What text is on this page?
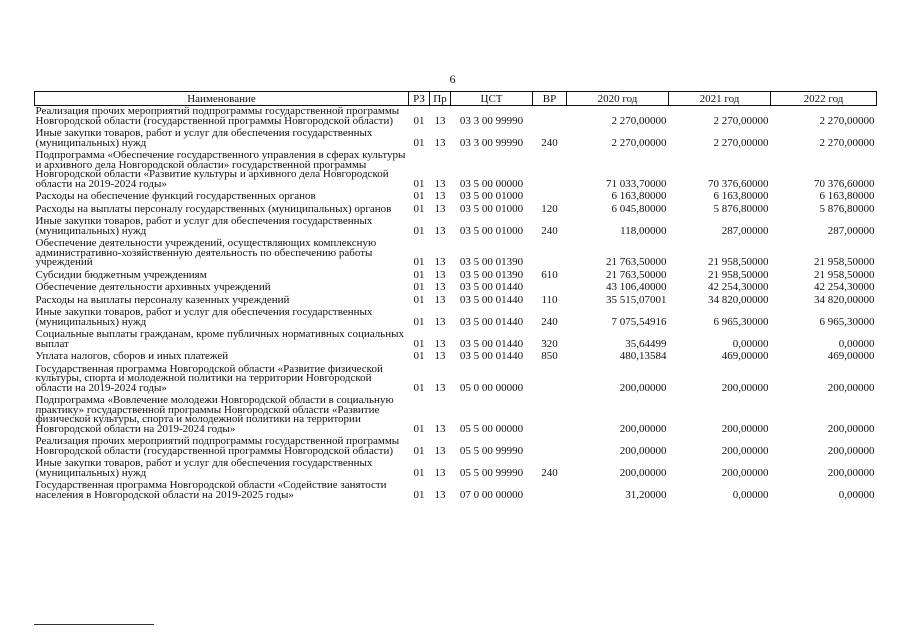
6
Наименование	РЗ	Пр	ЦСТ	ВР	2020 год	2021 год	2022 год
Реализация прочих мероприятий подпрограммы государственной программы Новгородской области (государственной программы Новгородской области)	01	13	03 3 00 99990		2 270,00000	2 270,00000	2 270,00000
Иные закупки товаров, работ и услуг для обеспечения государственных (муниципальных) нужд	01	13	03 3 00 99990	240	2 270,00000	2 270,00000	2 270,00000
Подпрограмма «Обеспечение государственного управления в сферах культуры и архивного дела Новгородской области» государственной программы Новгородской области «Развитие культуры и архивного дела Новгородской области на 2019-2024 годы»	01	13	03 5 00 00000		71 033,70000	70 376,60000	70 376,60000
Расходы на обеспечение функций государственных органов	01	13	03 5 00 01000		6 163,80000	6 163,80000	6 163,80000
Расходы на выплаты персоналу государственных (муниципальных) органов	01	13	03 5 00 01000	120	6 045,80000	5 876,80000	5 876,80000
Иные закупки товаров, работ и услуг для обеспечения государственных (муниципальных) нужд	01	13	03 5 00 01000	240	118,00000	287,00000	287,00000
Обеспечение деятельности учреждений, осуществляющих комплексную административно-хозяйственную деятельность по обеспечению работы учреждений	01	13	03 5 00 01390		21 763,50000	21 958,50000	21 958,50000
Субсидии бюджетным учреждениям	01	13	03 5 00 01390	610	21 763,50000	21 958,50000	21 958,50000
Обеспечение деятельности архивных учреждений	01	13	03 5 00 01440		43 106,40000	42 254,30000	42 254,30000
Расходы на выплаты персоналу казенных учреждений	01	13	03 5 00 01440	110	35 515,07001	34 820,00000	34 820,00000
Иные закупки товаров, работ и услуг для обеспечения государственных (муниципальных) нужд	01	13	03 5 00 01440	240	7 075,54916	6 965,30000	6 965,30000
Социальные выплаты гражданам, кроме публичных нормативных социальных выплат	01	13	03 5 00 01440	320	35,64499	0,00000	0,00000
Уплата налогов, сборов и иных платежей	01	13	03 5 00 01440	850	480,13584	469,00000	469,00000
Государственная программа Новгородской области «Развитие физической культуры, спорта и молодежной политики на территории Новгородской области на 2019-2024 годы»	01	13	05 0 00 00000		200,00000	200,00000	200,00000
Подпрограмма «Вовлечение молодежи Новгородской области в социальную практику» государственной программы Новгородской области «Развитие физической культуры, спорта и молодежной политики на территории Новгородской области на 2019-2024 годы»	01	13	05 5 00 00000		200,00000	200,00000	200,00000
Реализация прочих мероприятий подпрограммы государственной программы Новгородской области (государственной программы Новгородской области)	01	13	05 5 00 99990		200,00000	200,00000	200,00000
Иные закупки товаров, работ и услуг для обеспечения государственных (муниципальных) нужд	01	13	05 5 00 99990	240	200,00000	200,00000	200,00000
Государственная программа Новгородской области «Содействие занятости населения в Новгородской области на 2019-2025 годы»	01	13	07 0 00 00000		31,20000	0,00000	0,00000
